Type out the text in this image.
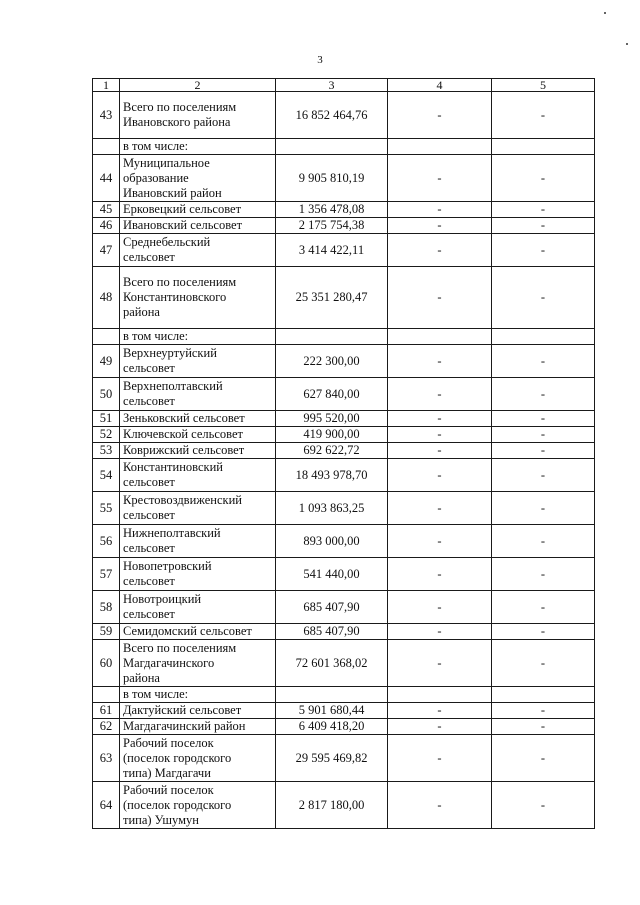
3
1	2	3	4	5
43	Всего по поселениям
Ивановского района	16 852 464,76	-	-
	в том числе:			
44	Муниципальное
образование
Ивановский район	9 905 810,19	-	-
45	Ерковецкий сельсовет	1 356 478,08	-	-
46	Ивановский сельсовет	2 175 754,38	-	-
47	Среднебельский
сельсовет	3 414 422,11	-	-
48	Всего по поселениям
Константиновского
района	25 351 280,47	-	-
	в том числе:			
49	Верхнеуртуйский
сельсовет	222 300,00	-	-
50	Верхнеполтавский
сельсовет	627 840,00	-	-
51	Зеньковский сельсовет	995 520,00	-	-
52	Ключевской сельсовет	419 900,00	-	-
53	Коврижский сельсовет	692 622,72	-	-
54	Константиновский
сельсовет	18 493 978,70	-	-
55	Крестовоздвиженский
сельсовет	1 093 863,25	-	-
56	Нижнеполтавский
сельсовет	893 000,00	-	-
57	Новопетровский
сельсовет	541 440,00	-	-
58	Новотроицкий
сельсовет	685 407,90	-	-
59	Семидомский сельсовет	685 407,90	-	-
60	Всего по поселениям
Магдагачинского
района	72 601 368,02	-	-
	в том числе:			
61	Дактуйский сельсовет	5 901 680,44	-	-
62	Магдагачинский район	6 409 418,20	-	-
63	Рабочий поселок
(поселок городского
типа) Магдагачи	29 595 469,82	-	-
64	Рабочий поселок
(поселок городского
типа) Ушумун	2 817 180,00	-	-
